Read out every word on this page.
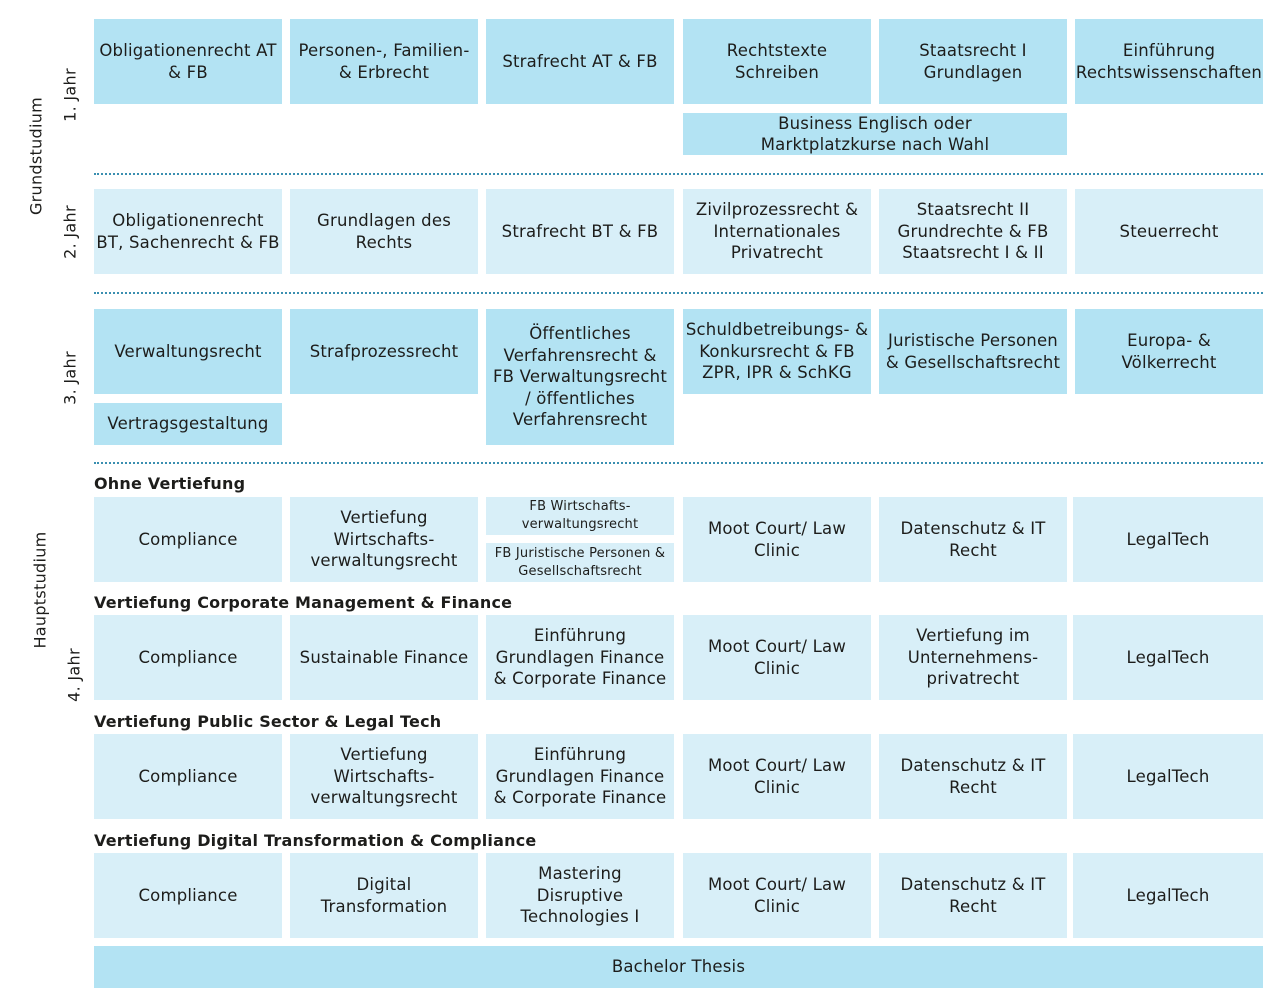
Grundstudium
Hauptstudium
1. Jahr
2. Jahr
3. Jahr
4. Jahr
Obligationenrecht AT & FB
Personen-, Familien- & Erbrecht
Strafrecht AT & FB
Rechtstexte Schreiben
Staatsrecht I Grundlagen
Einführung Rechtswissenschaften
Business Englisch oder Marktplatzkurse nach Wahl
Obligationenrecht BT, Sachenrecht & FB
Grundlagen des Rechts
Strafrecht BT & FB
Zivilprozessrecht & Internationales Privatrecht
Staatsrecht II Grundrechte & FB Staatsrecht I & II
Steuerrecht
Verwaltungsrecht
Vertragsgestaltung
Strafprozessrecht
Öffentliches Verfahrensrecht & FB Verwaltungsrecht / öffentliches Verfahrensrecht
Schuldbetreibungs- & Konkursrecht & FB ZPR, IPR & SchKG
Juristische Personen & Gesellschaftsrecht
Europa- & Völkerrecht
Ohne Vertiefung
Compliance
Vertiefung Wirtschafts-verwaltungsrecht
FB Wirtschafts-verwaltungsrecht
FB Juristische Personen & Gesellschaftsrecht
Moot Court/ Law Clinic
Datenschutz & IT Recht
LegalTech
Vertiefung Corporate Management & Finance
Compliance	Sustainable Finance
Einführung Grundlagen Finance & Corporate Finance
Moot Court/ Law Clinic
Vertiefung im Unternehmens-privatrecht
LegalTech
Vertiefung Public Sector & Legal Tech
Compliance
Vertiefung Wirtschafts-verwaltungsrecht
Einführung Grundlagen Finance & Corporate Finance
Moot Court/ Law Clinic
Datenschutz & IT Recht
LegalTech
Vertiefung Digital Transformation & Compliance
Compliance
Digital Transformation
Mastering Disruptive Technologies I
Moot Court/ Law Clinic
Datenschutz & IT Recht
LegalTech
Bachelor Thesis
